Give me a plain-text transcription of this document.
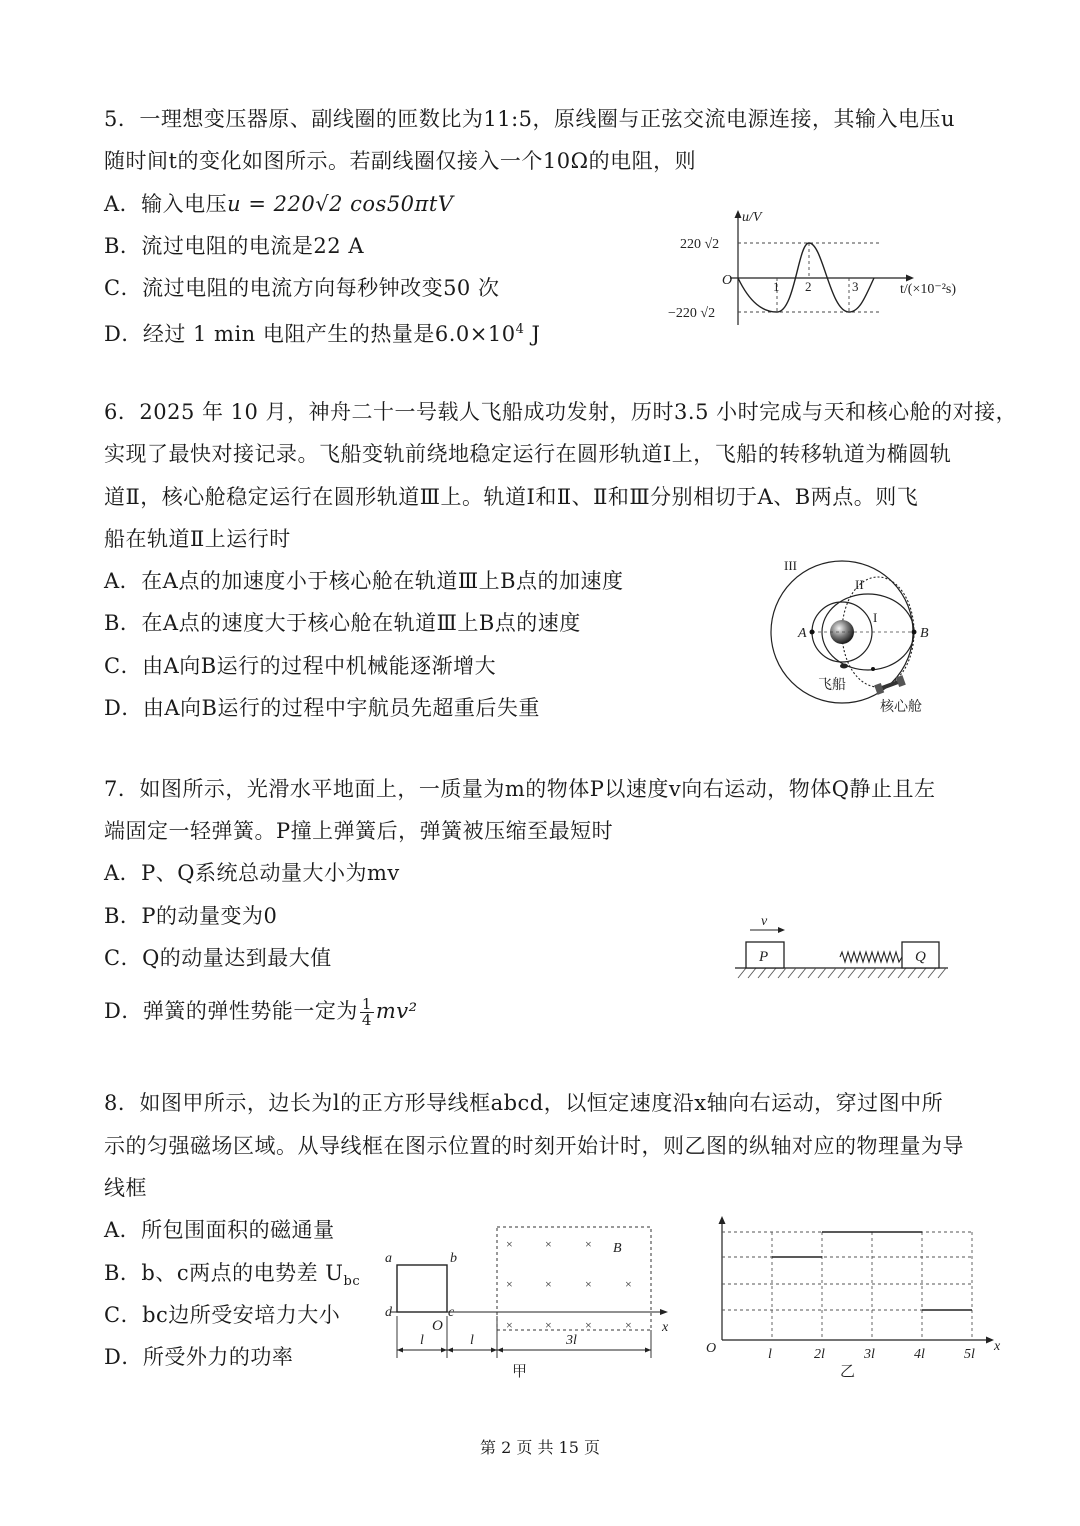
5．一理想变压器原、副线圈的匝数比为11:5，原线圈与正弦交流电源连接，其输入电压u
随时间t的变化如图所示。若副线圈仅接入一个10Ω的电阻，则
A．输入电压u = 220√2 cos50πtV
B．流过电阻的电流是22 A
C．流过电阻的电流方向每秒钟改变50 次
D．经过 1 min 电阻产生的热量是$6.0\times 10^4$ J
u/V
220 √2
−220 √2
O	1 2	3	t/(×10⁻²s)
6．2025 年 10 月，神舟二十一号载人飞船成功发射，历时3.5 小时完成与天和核心舱的对接，
实现了最快对接记录。飞船变轨前绕地稳定运行在圆形轨道Ⅰ上，飞船的转移轨道为椭圆轨
道Ⅱ，核心舱稳定运行在圆形轨道Ⅲ上。轨道Ⅰ和Ⅱ、Ⅱ和Ⅲ分别相切于A、B两点。则飞
船在轨道Ⅱ上运行时
A．在A点的加速度小于核心舱在轨道Ⅲ上B点的加速度
B．在A点的速度大于核心舱在轨道Ⅲ上B点的速度
C．由A向B运行的过程中机械能逐渐增大
D．由A向B运行的过程中宇航员先超重后失重
III
II
I
A	B
飞船
核心舱
7．如图所示，光滑水平地面上，一质量为m的物体P以速度v向右运动，物体Q静止且左
端固定一轻弹簧。P撞上弹簧后，弹簧被压缩至最短时
A．P、Q系统总动量大小为mv
B．P的动量变为0
C．Q的动量达到最大值
D．弹簧的弹性势能一定为 $\frac{1}{4} mv^2$
v
P	Q
8．如图甲所示，边长为l的正方形导线框abcd，以恒定速度沿x轴向右运动，穿过图中所
示的匀强磁场区域。从导线框在图示位置的时刻开始计时，则乙图的纵轴对应的物理量为导
线框
A．所包围面积的磁通量
B．b、c两点的电势差 $U_{bc}$
C．bc边所受安培力大小
D．所受外力的功率
×	×	×
×	×	×	×
×	×	×	×
a	b
c
d
O
B
x
l	l	3l
甲
O	l	2l	3l	4l	5l
x
乙
第 2 页 共 15 页
